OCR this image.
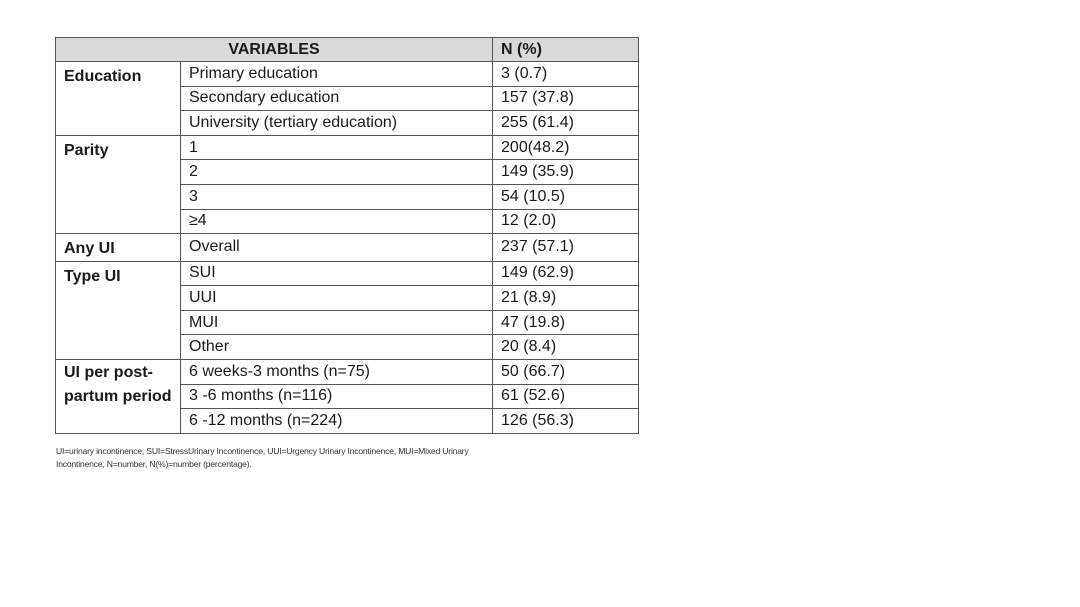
VARIABLES		N (%)
Education	Primary education	3 (0.7)
	Secondary education	157 (37.8)
	University (tertiary education)	255 (61.4)
Parity	1	200(48.2)
	2	149 (35.9)
	3	54 (10.5)
	≥4	12 (2.0)
Any UI	Overall	237 (57.1)
Type UI	SUI	149 (62.9)
	UUI	21 (8.9)
	MUI	47 (19.8)
	Other	20 (8.4)
UI per post-partum period	6 weeks-3 months (n=75)	50 (66.7)
	3 -6 months (n=116)	61 (52.6)
	6 -12 months (n=224)	126 (56.3)
UI=urinary incontinence, SUI=StressUrinary Incontinence, UUI=Urgency Urinary Incontinence, MUI=Mixed Urinary
Incontinence, N=number, N(%)=number (percentage).
